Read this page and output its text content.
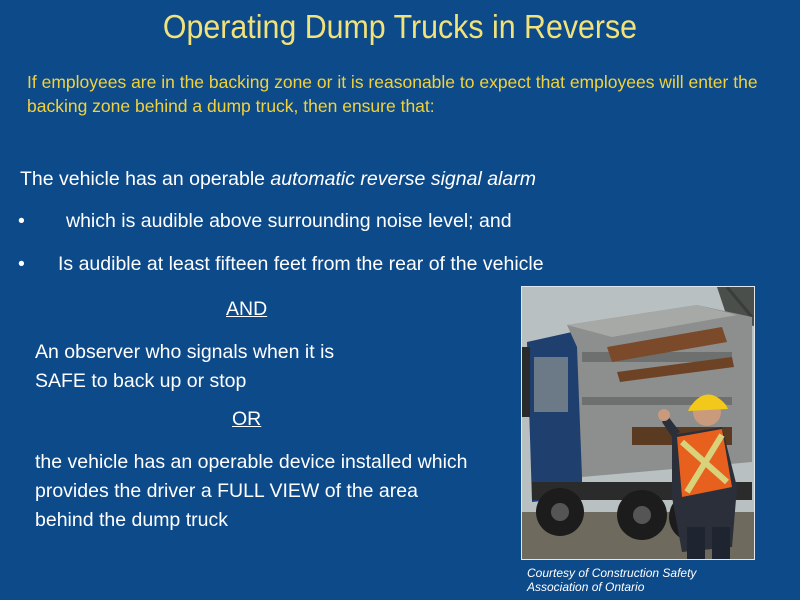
Operating Dump Trucks in Reverse
If employees are in the backing zone or it is reasonable to expect that employees will enter the backing zone behind a dump truck, then ensure that:
The vehicle has an operable automatic reverse signal alarm
• which is audible above surrounding noise level; and
• Is audible at least fifteen feet from the rear of the vehicle
AND
An observer who signals when it is
SAFE to back up or stop
OR
the vehicle has an operable device installed which
provides the driver a FULL VIEW of the area
behind the dump truck
Courtesy of Construction Safety
Association of Ontario
